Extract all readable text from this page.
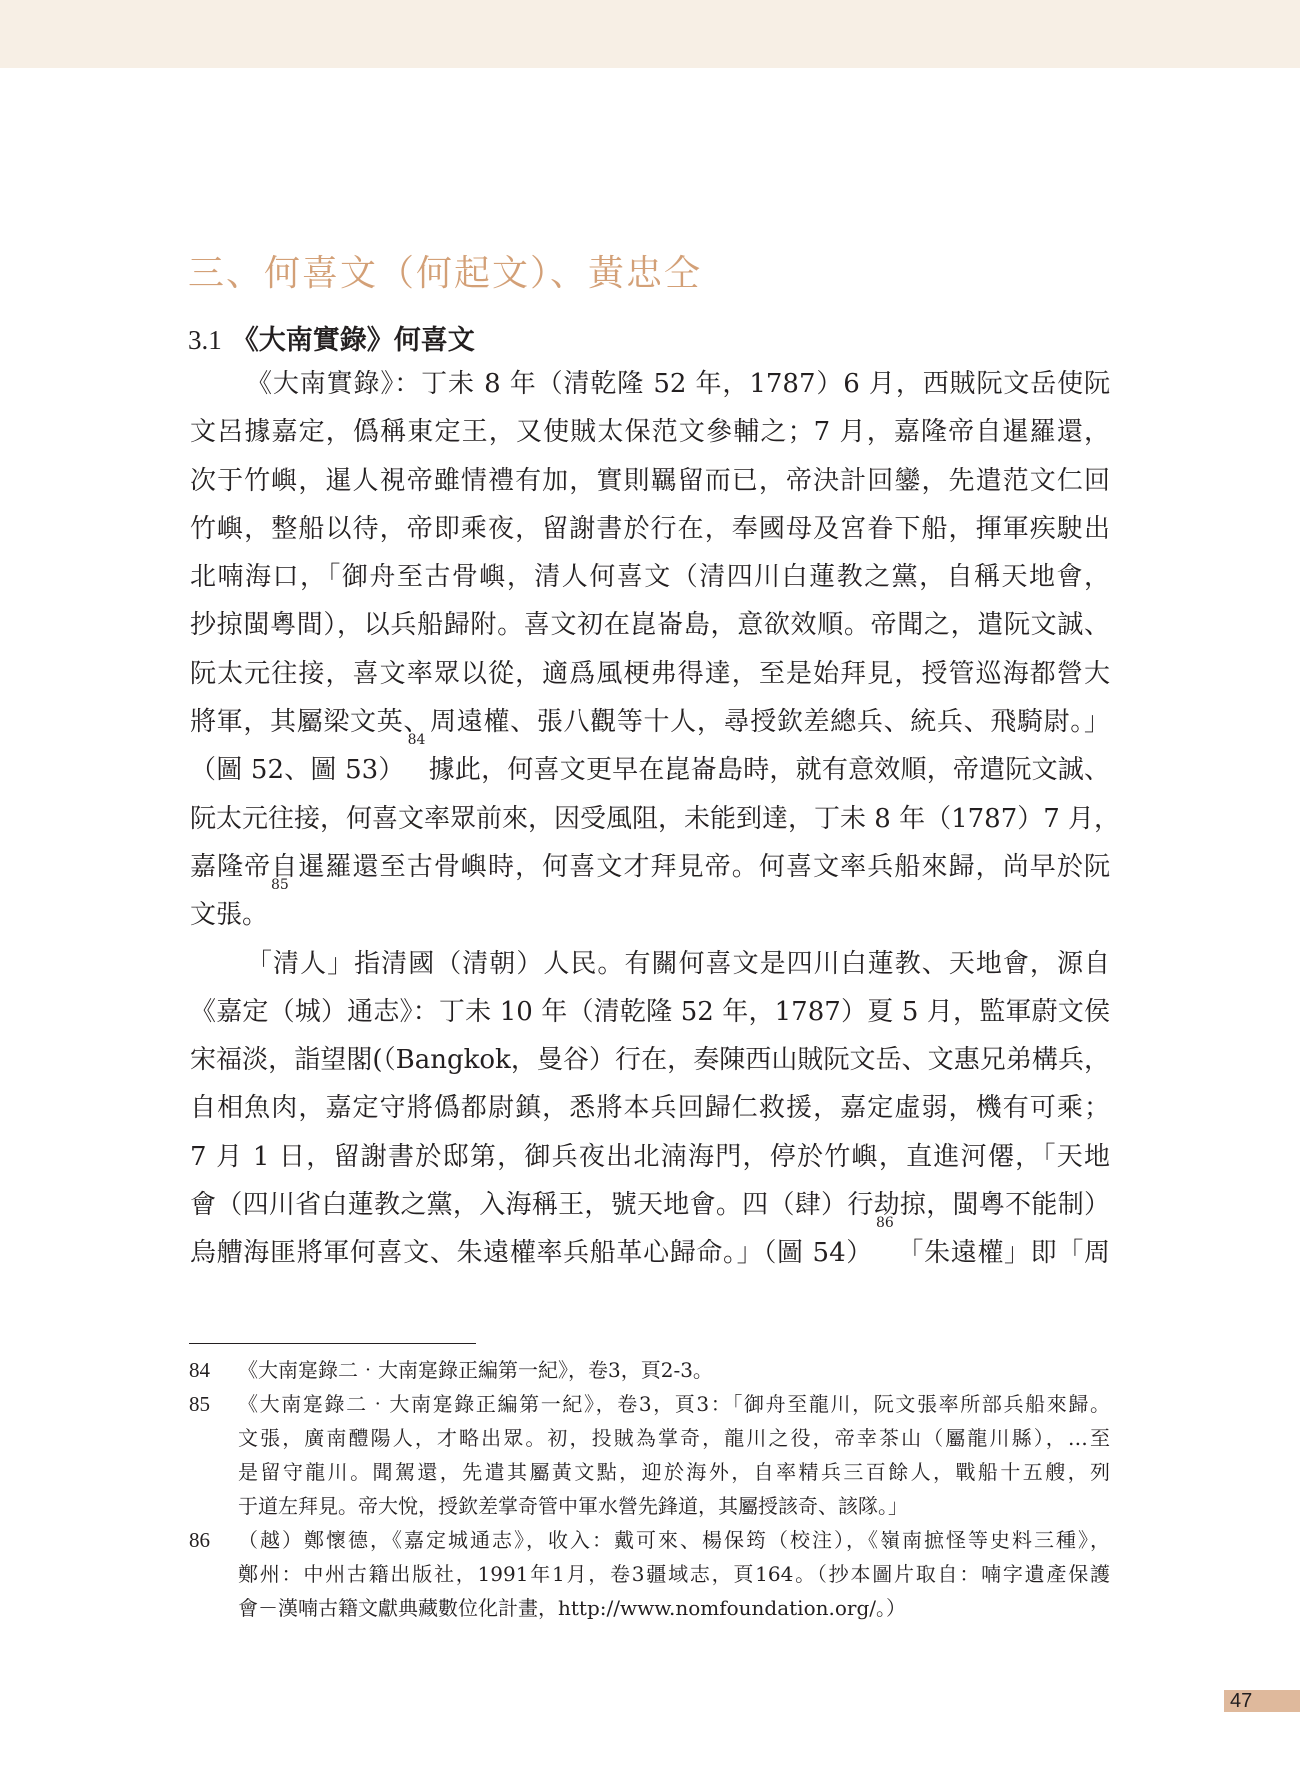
三、何喜文（何起文）、黃忠仝
3.1 《大南實錄》何喜文
《大南實錄》：丁未 8 年（清乾隆 52 年，1787）6 月，西賊阮文岳使阮
文呂據嘉定，僞稱東定王，又使賊太保范文參輔之；7 月，嘉隆帝自暹羅還，
次于竹嶼，暹人視帝雖情禮有加，實則羈留而已，帝決計回鑾，先遣范文仁回
竹嶼，整船以待，帝即乘夜，留謝書於行在，奉國母及宮眷下船，揮軍疾駛出
北喃海口，「御舟至古骨嶼，清人何喜文（清四川白蓮教之黨，自稱天地會，
抄掠閩粵間），以兵船歸附。喜文初在崑崙島，意欲效順。帝聞之，遣阮文誠、
阮太元往接，喜文率眾以從，適爲風梗弗得達，至是始拜見，授管巡海都營大
將軍，其屬梁文英、周遠權、張八觀等十人，尋授欽差總兵、統兵、飛騎尉。」
（圖 52、圖 53）$^{84}$據此，何喜文更早在崑崙島時，就有意效順，帝遣阮文誠、
阮太元往接，何喜文率眾前來，因受風阻，未能到達，丁未 8 年（1787）7 月，
嘉隆帝自暹羅還至古骨嶼時，何喜文才拜見帝。何喜文率兵船來歸，尚早於阮
文張。$^{85}$
「清人」指清國（清朝）人民。有關何喜文是四川白蓮教、天地會，源自
《嘉定（城）通志》：丁未 10 年（清乾隆 52 年，1787）夏 5 月，監軍蔚文侯
宋福淡，詣望閣(（Bangkok，曼谷）行在，奏陳西山賊阮文岳、文惠兄弟構兵，
自相魚肉，嘉定守將僞都尉鎮，悉將本兵回歸仁救援，嘉定虛弱，機有可乘；
7 月 1 日，留謝書於邸第，御兵夜出北湳海門，停於竹嶼，直進河僊，「天地
會（四川省白蓮教之黨，入海稱王，號天地會。四（肆）行劫掠，閩粵不能制）
烏艚海匪將軍何喜文、朱遠權率兵船革心歸命。」（圖 54）$^{86}$「朱遠權」即「周
84	《大南寔錄二‧大南寔錄正編第一紀》，卷3，頁2-3。
85	《大南寔錄二‧大南寔錄正編第一紀》，卷3，頁3：「御舟至龍川，阮文張率所部兵船來歸。
文張，廣南醴陽人，才略出眾。初，投賊為掌奇，龍川之役，帝幸茶山（屬龍川縣），…至
是留守龍川。聞駕還，先遣其屬黃文點，迎於海外，自率精兵三百餘人，戰船十五艘，列
于道左拜見。帝大悅，授欽差掌奇管中軍水營先鋒道，其屬授該奇、該隊。」
86	（越）鄭懷德，《嘉定城通志》，收入：戴可來、楊保筠（校注），《嶺南摭怪等史料三種》，
鄭州：中州古籍出版社，1991年1月，卷3疆域志，頁164。（抄本圖片取自：喃字遺產保護
會－漢喃古籍文獻典藏數位化計畫，http://www.nomfoundation.org/。）
47
